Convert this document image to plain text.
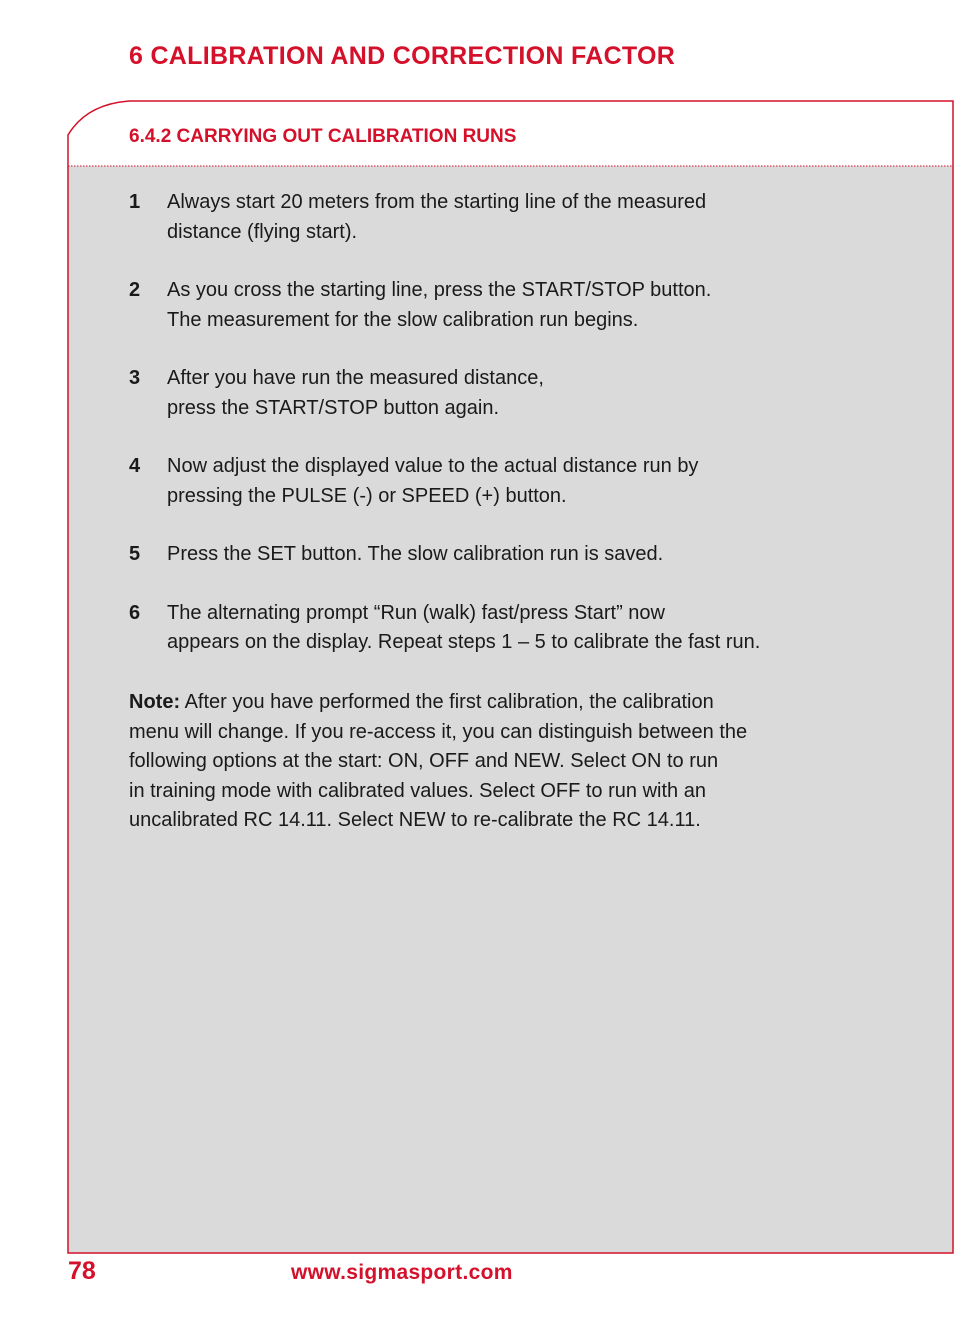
6 CALIBRATION AND CORRECTION FACTOR
6.4.2 CARRYING OUT CALIBRATION RUNS
1	Always start 20 meters from the starting line of the measured
distance (flying start).
2	As you cross the starting line, press the START/STOP button.
The measurement for the slow calibration run begins.
3	After you have run the measured distance,
press the START/STOP button again.
4	Now adjust the displayed value to the actual distance run by
pressing the PULSE (-) or SPEED (+) button.
5	Press the SET button. The slow calibration run is saved.
6	The alternating prompt “Run (walk) fast/press Start” now
appears on the display. Repeat steps 1 – 5 to calibrate the fast run.
Note: After you have performed the first calibration, the calibration
menu will change. If you re-access it, you can distinguish between the
following options at the start: ON, OFF and NEW. Select ON to run
in training mode with calibrated values. Select OFF to run with an
uncalibrated RC 14.11. Select NEW to re-calibrate the RC 14.11.
78	www.sigmasport.com
